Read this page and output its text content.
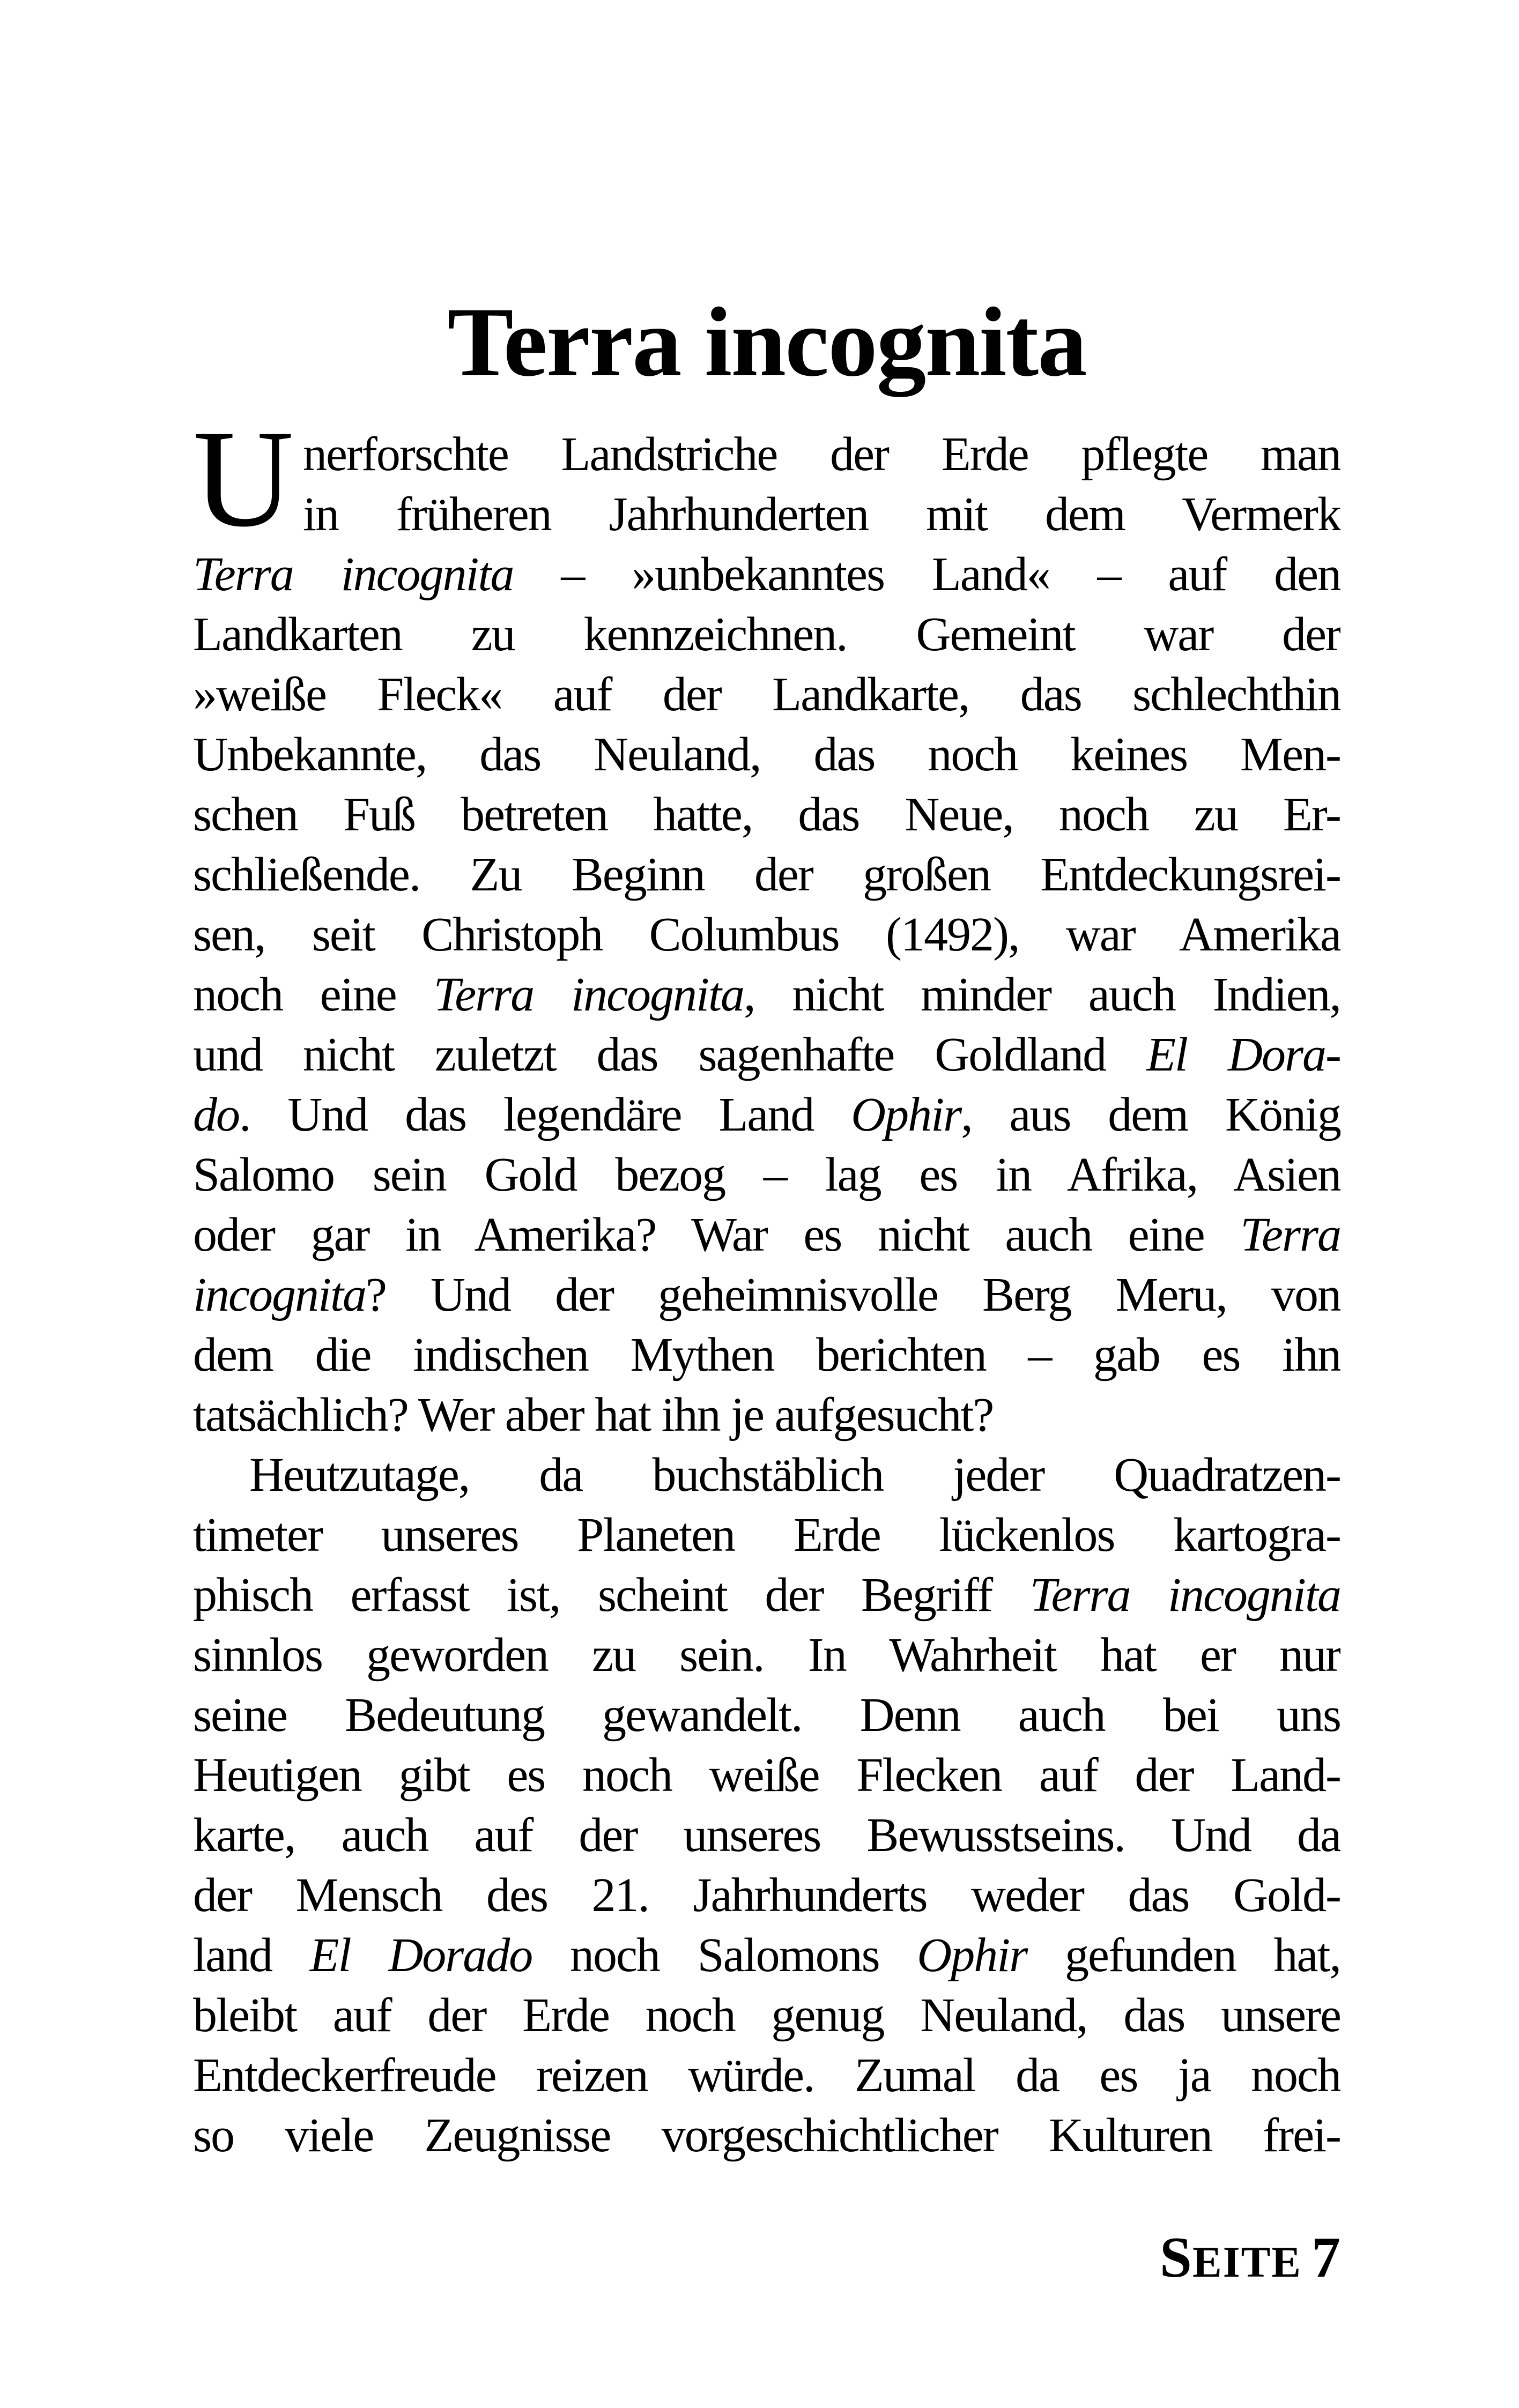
Terra incognita
U nerforschte Landstriche der Erde pflegte man
in früheren Jahrhunderten mit dem Vermerk
Terra incognita – »unbekanntes Land« – auf den
Landkarten zu kennzeichnen. Gemeint war der
»weiße Fleck« auf der Landkarte, das schlechthin
Unbekannte, das Neuland, das noch keines Men-
schen Fuß betreten hatte, das Neue, noch zu Er-
schließende. Zu Beginn der großen Entdeckungsrei-
sen, seit Christoph Columbus (1492), war Amerika
noch eine Terra incognita, nicht minder auch Indien,
und nicht zuletzt das sagenhafte Goldland El Dora-
do. Und das legendäre Land Ophir, aus dem König
Salomo sein Gold bezog – lag es in Afrika, Asien
oder gar in Amerika? War es nicht auch eine Terra
incognita? Und der geheimnisvolle Berg Meru, von
dem die indischen Mythen berichten – gab es ihn
tatsächlich? Wer aber hat ihn je aufgesucht?
Heutzutage, da buchstäblich jeder Quadratzen-
timeter unseres Planeten Erde lückenlos kartogra-
phisch erfasst ist, scheint der Begriff Terra incognita
sinnlos geworden zu sein. In Wahrheit hat er nur
seine Bedeutung gewandelt. Denn auch bei uns
Heutigen gibt es noch weiße Flecken auf der Land-
karte, auch auf der unseres Bewusstseins. Und da
der Mensch des 21. Jahrhunderts weder das Gold-
land El Dorado noch Salomons Ophir gefunden hat,
bleibt auf der Erde noch genug Neuland, das unsere
Entdeckerfreude reizen würde. Zumal da es ja noch
so viele Zeugnisse vorgeschichtlicher Kulturen frei-
SEITE 7
